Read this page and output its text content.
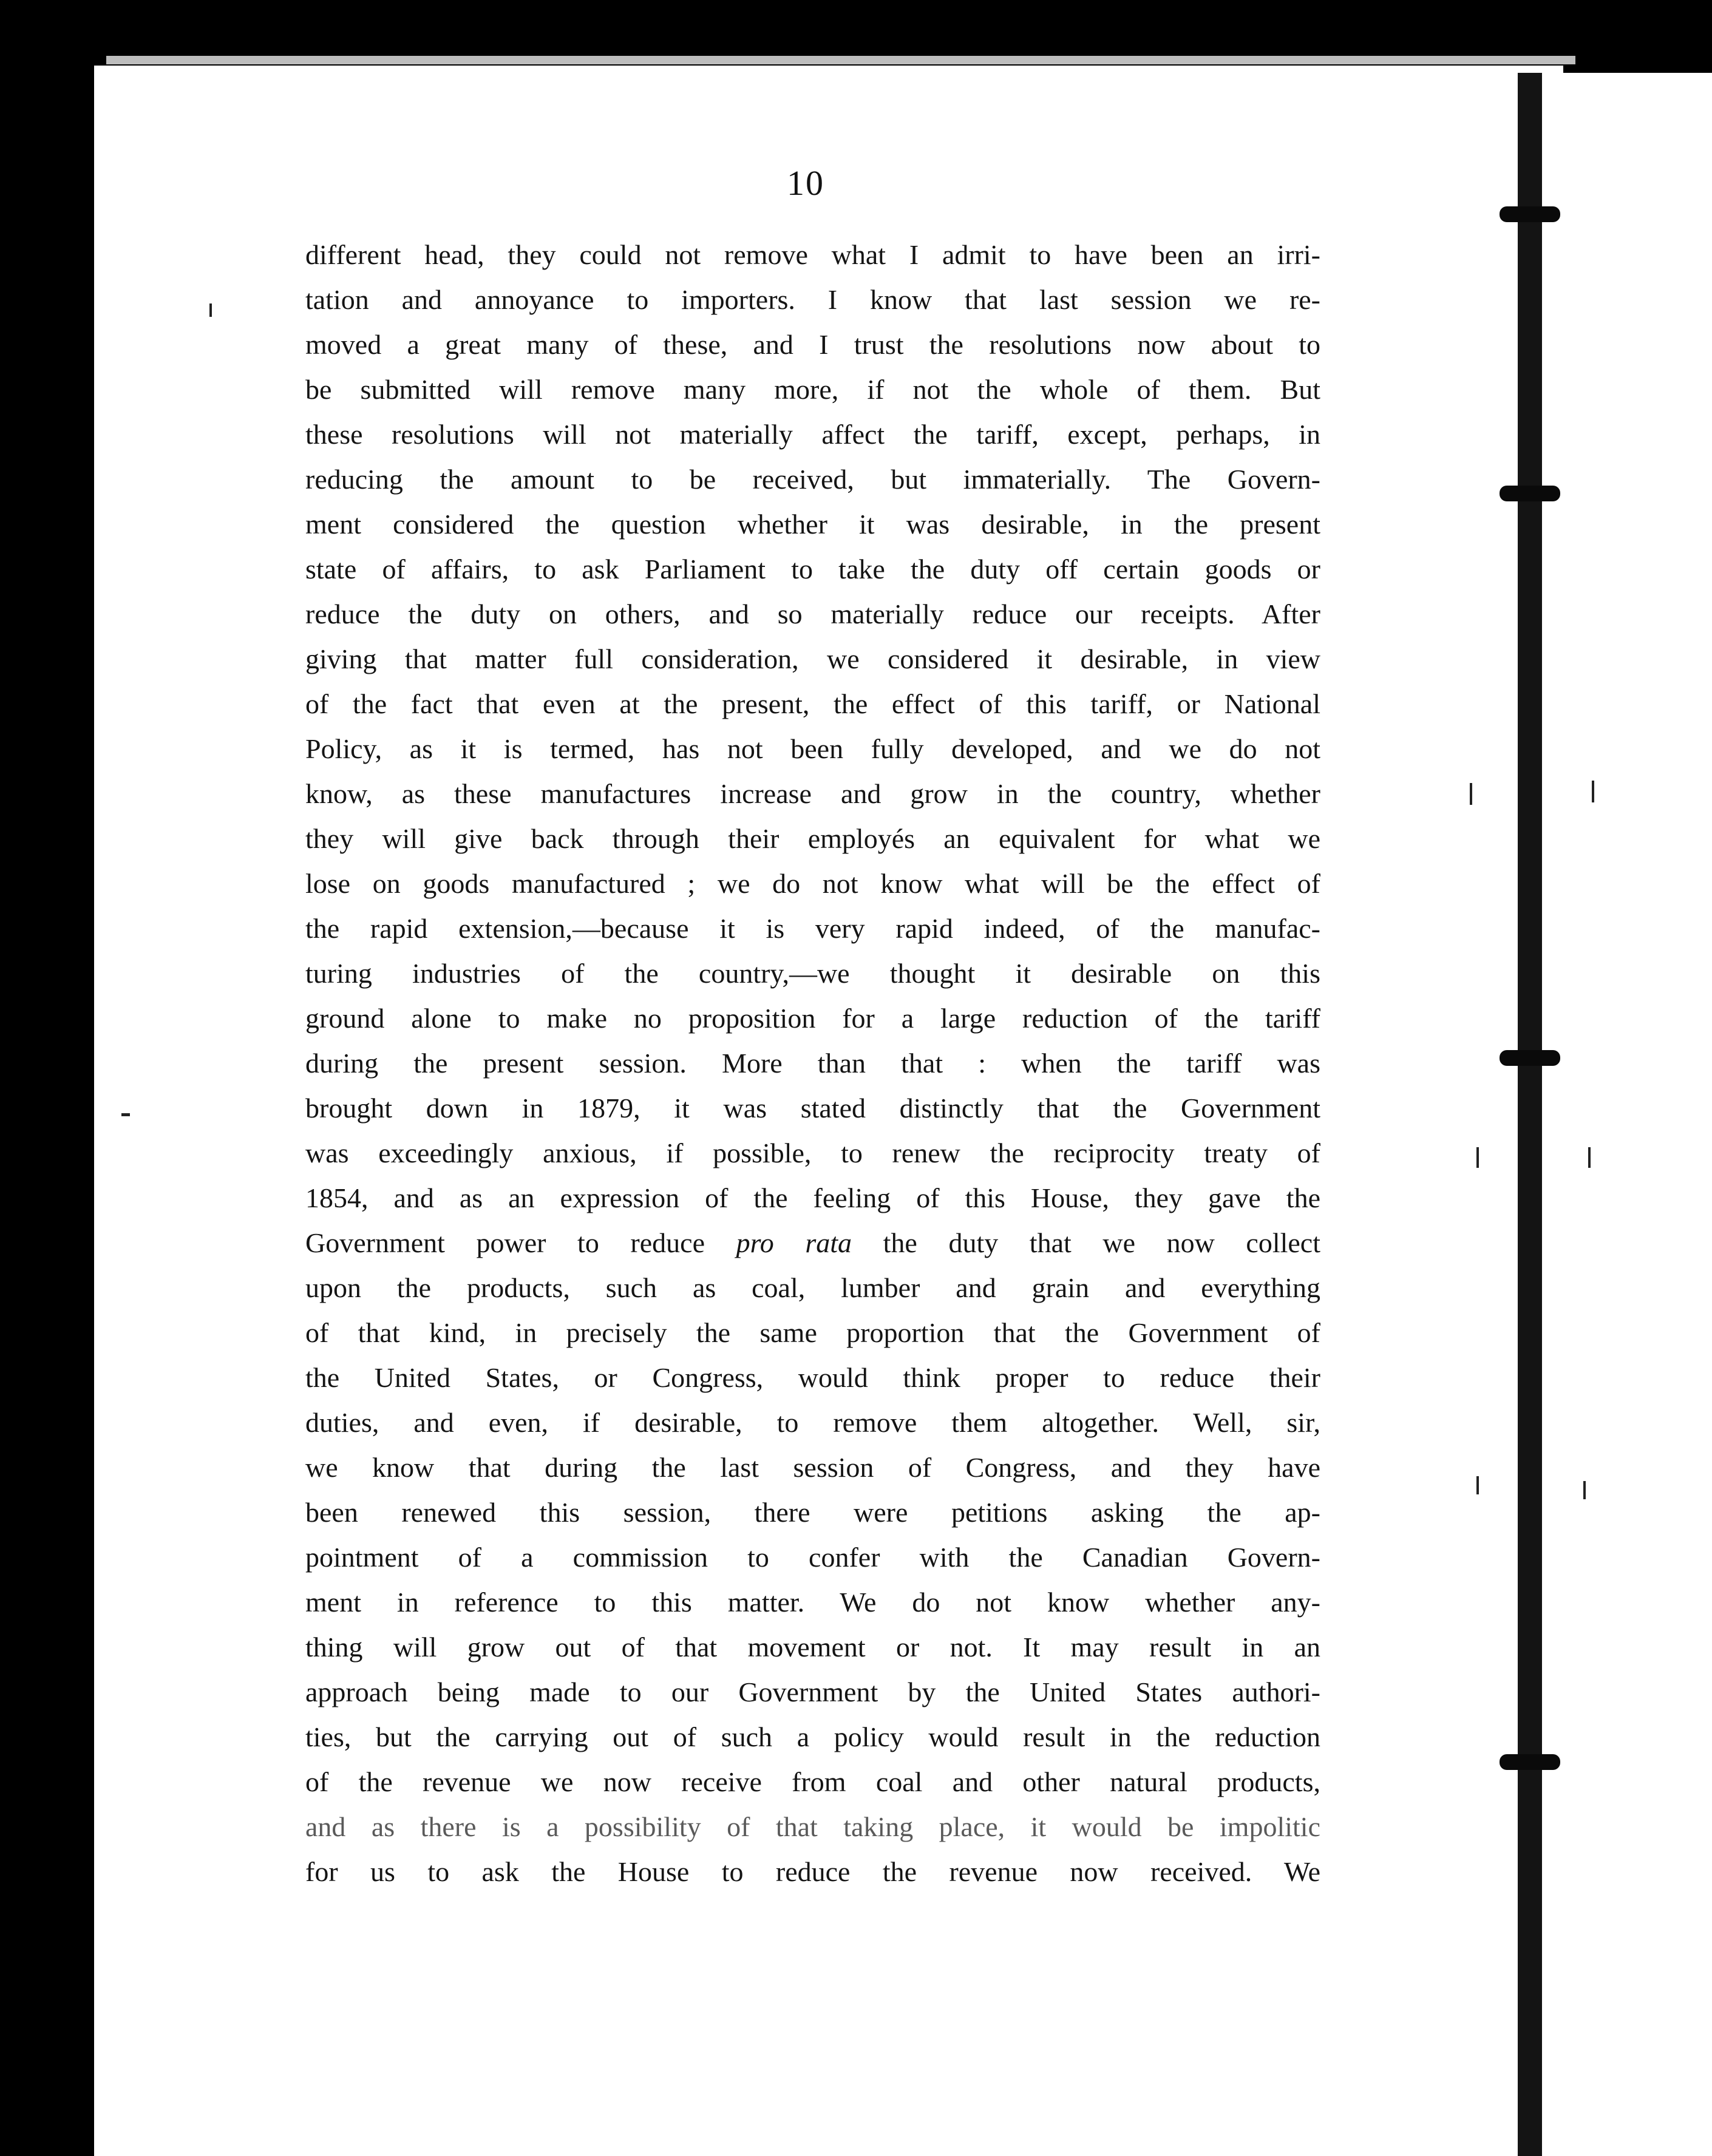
10
different head, they could not remove what I admit to have been an irri-
tation and annoyance to importers. I know that last session we re-
moved a great many of these, and I trust the resolutions now about to
be submitted will remove many more, if not the whole of them. But
these resolutions will not materially affect the tariff, except, perhaps, in
reducing the amount to be received, but immaterially. The Govern-
ment considered the question whether it was desirable, in the present
state of affairs, to ask Parliament to take the duty off certain goods or
reduce the duty on others, and so materially reduce our receipts. After
giving that matter full consideration, we considered it desirable, in view
of the fact that even at the present, the effect of this tariff, or National
Policy, as it is termed, has not been fully developed, and we do not
know, as these manufactures increase and grow in the country, whether
they will give back through their employés an equivalent for what we
lose on goods manufactured ; we do not know what will be the effect of
the rapid extension,—because it is very rapid indeed, of the manufac-
turing industries of the country,—we thought it desirable on this
ground alone to make no proposition for a large reduction of the tariff
during the present session. More than that : when the tariff was
brought down in 1879, it was stated distinctly that the Government
was exceedingly anxious, if possible, to renew the reciprocity treaty of
1854, and as an expression of the feeling of this House, they gave the
Government power to reduce pro rata the duty that we now collect
upon the products, such as coal, lumber and grain and everything
of that kind, in precisely the same proportion that the Government of
the United States, or Congress, would think proper to reduce their
duties, and even, if desirable, to remove them altogether. Well, sir,
we know that during the last session of Congress, and they have
been renewed this session, there were petitions asking the ap-
pointment of a commission to confer with the Canadian Govern-
ment in reference to this matter. We do not know whether any-
thing will grow out of that movement or not. It may result in an
approach being made to our Government by the United States authori-
ties, but the carrying out of such a policy would result in the reduction
of the revenue we now receive from coal and other natural products,
and as there is a possibility of that taking place, it would be impolitic
for us to ask the House to reduce the revenue now received. We
